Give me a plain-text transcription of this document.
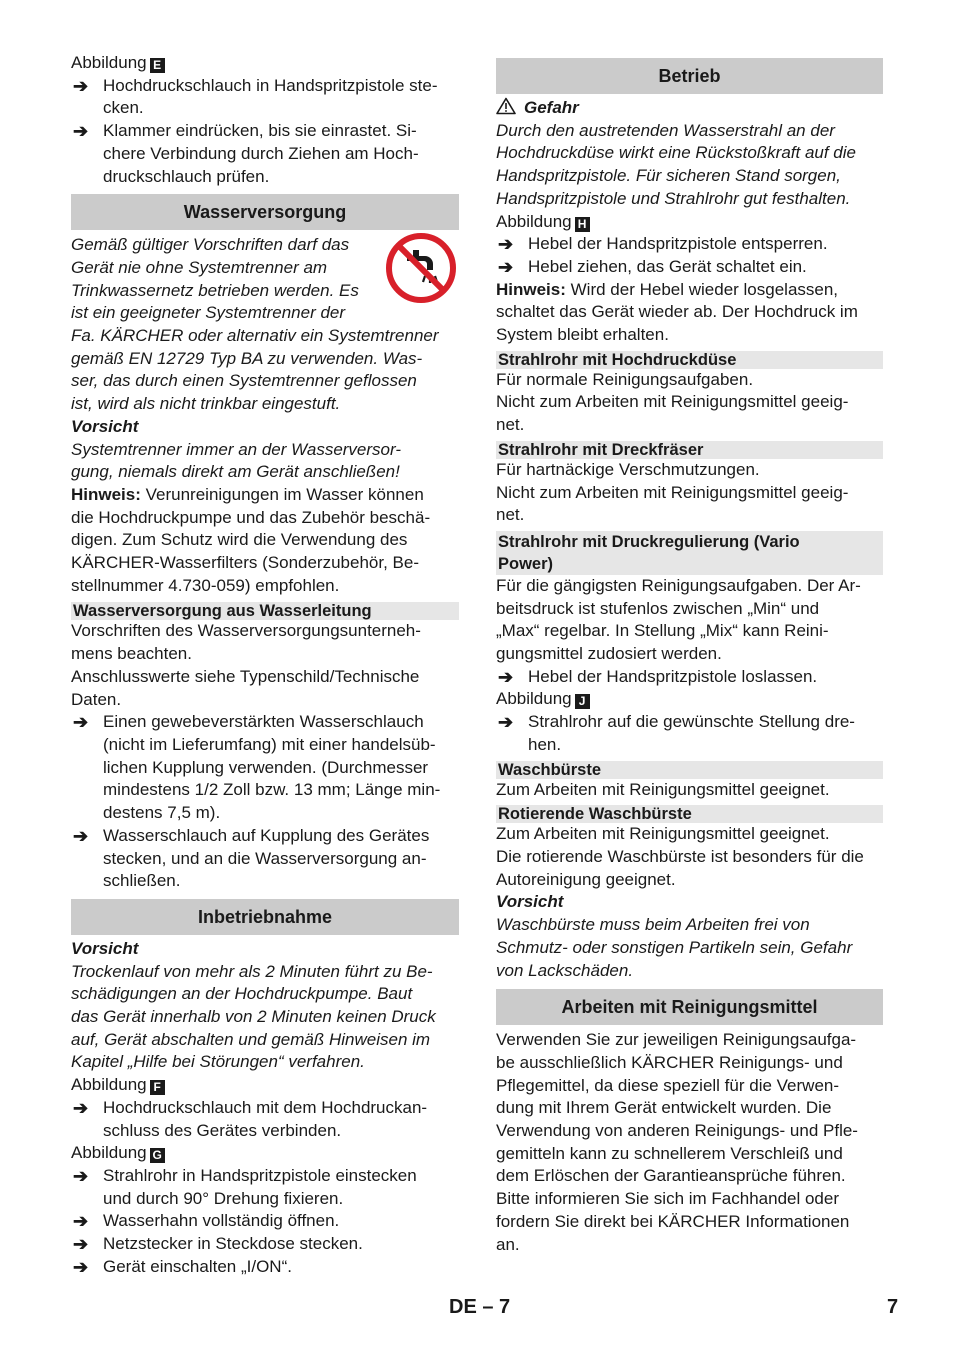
Abbildung E

➔ Hochdruckschlauch in Handspritzpistole ste-
cken.

➔ Klammer eindrücken, bis sie einrastet. Si-
chere Verbindung durch Ziehen am Hoch-
druckschlauch prüfen.

Wasserversorgung

Gemäß gültiger Vorschriften darf das
Gerät nie ohne Systemtrenner am
Trinkwassernetz betrieben werden. Es
ist ein geeigneter Systemtrenner der
Fa. KÄRCHER oder alternativ ein Systemtrenner
gemäß EN 12729 Typ BA zu verwenden. Was-
ser, das durch einen Systemtrenner geflossen
ist, wird als nicht trinkbar eingestuft.

Vorsicht

Systemtrenner immer an der Wasserversor-
gung, niemals direkt am Gerät anschließen!

Hinweis: Verunreinigungen im Wasser können
die Hochdruckpumpe und das Zubehör beschä-
digen. Zum Schutz wird die Verwendung des
KÄRCHER-Wasserfilters (Sonderzubehör, Be-
stellnummer 4.730-059) empfohlen.

Wasserversorgung aus Wasserleitung

Vorschriften des Wasserversorgungsunterneh-
mens beachten.

Anschlusswerte siehe Typenschild/Technische
Daten.

➔ Einen gewebeverstärkten Wasserschlauch
(nicht im Lieferumfang) mit einer handelsüb-
lichen Kupplung verwenden. (Durchmesser
mindestens 1/2 Zoll bzw. 13 mm; Länge min-
destens 7,5 m).

➔ Wasserschlauch auf Kupplung des Gerätes
stecken, und an die Wasserversorgung an-
schließen.

Inbetriebnahme

Vorsicht

Trockenlauf von mehr als 2 Minuten führt zu Be-
schädigungen an der Hochdruckpumpe. Baut
das Gerät innerhalb von 2 Minuten keinen Druck
auf, Gerät abschalten und gemäß Hinweisen im
Kapitel „Hilfe bei Störungen“ verfahren.

Abbildung F

➔ Hochdruckschlauch mit dem Hochdruckan-
schluss des Gerätes verbinden.

Abbildung G

➔ Strahlrohr in Handspritzpistole einstecken
und durch 90° Drehung fixieren.

➔ Wasserhahn vollständig öffnen.

➔ Netzstecker in Steckdose stecken.

➔ Gerät einschalten „I/ON“.

Betrieb

Gefahr

Durch den austretenden Wasserstrahl an der
Hochdruckdüse wirkt eine Rückstoßkraft auf die
Handspritzpistole. Für sicheren Stand sorgen,
Handspritzpistole und Strahlrohr gut festhalten.

Abbildung H

➔ Hebel der Handspritzpistole entsperren.

➔ Hebel ziehen, das Gerät schaltet ein.

Hinweis: Wird der Hebel wieder losgelassen,
schaltet das Gerät wieder ab. Der Hochdruck im
System bleibt erhalten.

Strahlrohr mit Hochdruckdüse

Für normale Reinigungsaufgaben.

Nicht zum Arbeiten mit Reinigungsmittel geeig-
net.

Strahlrohr mit Dreckfräser

Für hartnäckige Verschmutzungen.

Nicht zum Arbeiten mit Reinigungsmittel geeig-
net.

Strahlrohr mit Druckregulierung (Vario
Power)

Für die gängigsten Reinigungsaufgaben. Der Ar-
beitsdruck ist stufenlos zwischen „Min“ und
„Max“ regelbar. In Stellung „Mix“ kann Reini-
gungsmittel zudosiert werden.

➔ Hebel der Handspritzpistole loslassen.

Abbildung J

➔ Strahlrohr auf die gewünschte Stellung dre-
hen.

Waschbürste

Zum Arbeiten mit Reinigungsmittel geeignet.

Rotierende Waschbürste

Zum Arbeiten mit Reinigungsmittel geeignet.
Die rotierende Waschbürste ist besonders für die
Autoreinigung geeignet.

Vorsicht

Waschbürste muss beim Arbeiten frei von
Schmutz- oder sonstigen Partikeln sein, Gefahr
von Lackschäden.

Arbeiten mit Reinigungsmittel

Verwenden Sie zur jeweiligen Reinigungsaufga-
be ausschließlich KÄRCHER Reinigungs- und
Pflegemittel, da diese speziell für die Verwen-
dung mit Ihrem Gerät entwickelt wurden. Die
Verwendung von anderen Reinigungs- und Pfle-
gemitteln kann zu schnellerem Verschleiß und
dem Erlöschen der Garantieansprüche führen.
Bitte informieren Sie sich im Fachhandel oder
fordern Sie direkt bei KÄRCHER Informationen
an.

DE – 7	7
